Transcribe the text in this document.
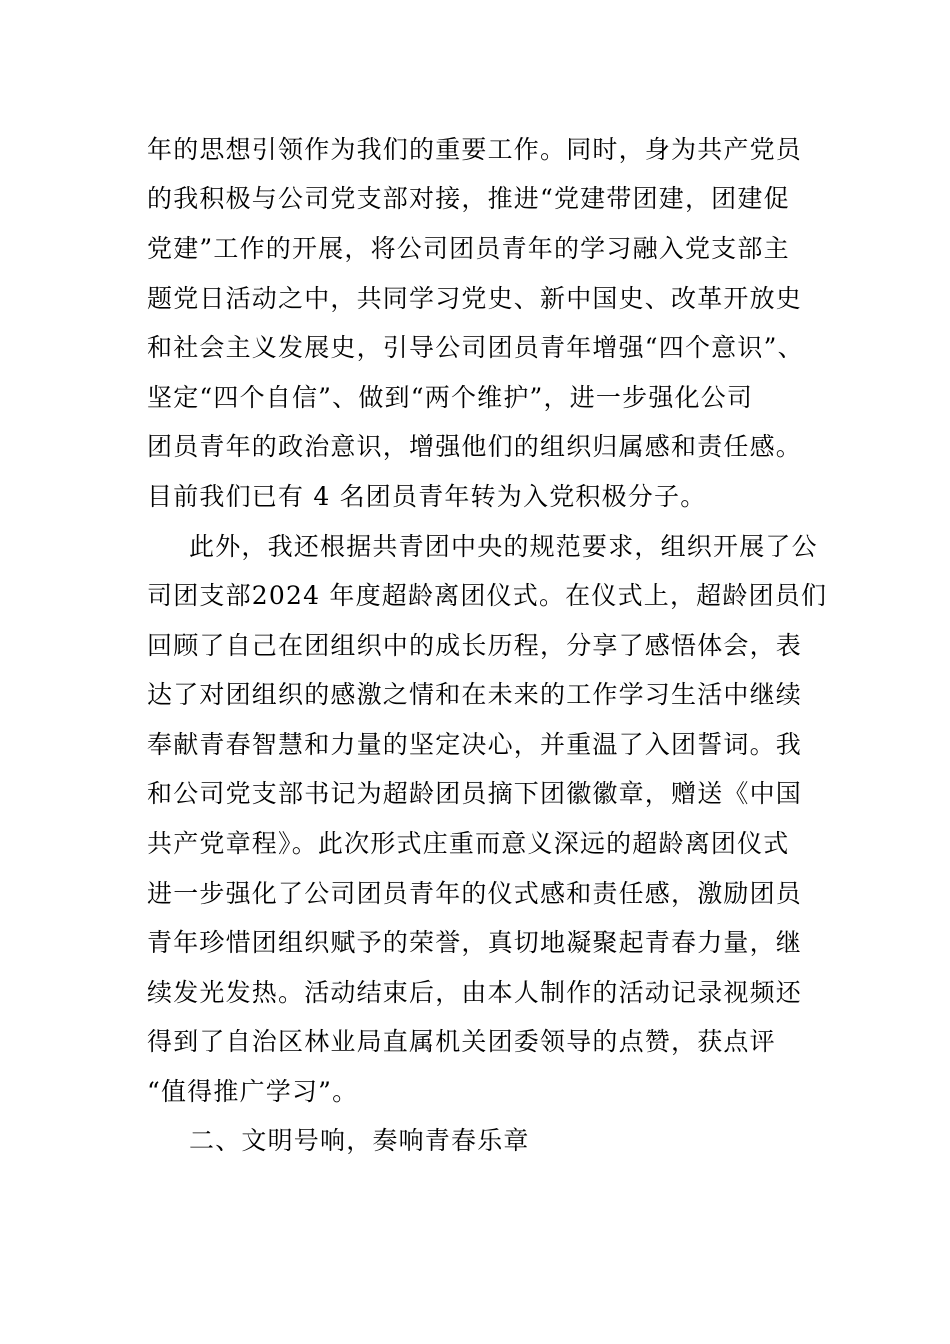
年的思想引领作为我们的重要工作。同时，身为共产党员
的我积极与公司党支部对接，推进“党建带团建，团建促
党建”工作的开展，将公司团员青年的学习融入党支部主
题党日活动之中，共同学习党史、新中国史、改革开放史
和社会主义发展史，引导公司团员青年增强“四个意识”、
坚定“四个自信”、做到“两个维护”，进一步强化公司
团员青年的政治意识，增强他们的组织归属感和责任感。
目前我们已有 4 名团员青年转为入党积极分子。
此外，我还根据共青团中央的规范要求，组织开展了公
司团支部2024 年度超龄离团仪式。在仪式上，超龄团员们
回顾了自己在团组织中的成长历程，分享了感悟体会，表
达了对团组织的感激之情和在未来的工作学习生活中继续
奉献青春智慧和力量的坚定决心，并重温了入团誓词。我
和公司党支部书记为超龄团员摘下团徽徽章，赠送《中国
共产党章程》。此次形式庄重而意义深远的超龄离团仪式
进一步强化了公司团员青年的仪式感和责任感，激励团员
青年珍惜团组织赋予的荣誉，真切地凝聚起青春力量，继
续发光发热。活动结束后，由本人制作的活动记录视频还
得到了自治区林业局直属机关团委领导的点赞，获点评
“值得推广学习”。
二、文明号响，奏响青春乐章
